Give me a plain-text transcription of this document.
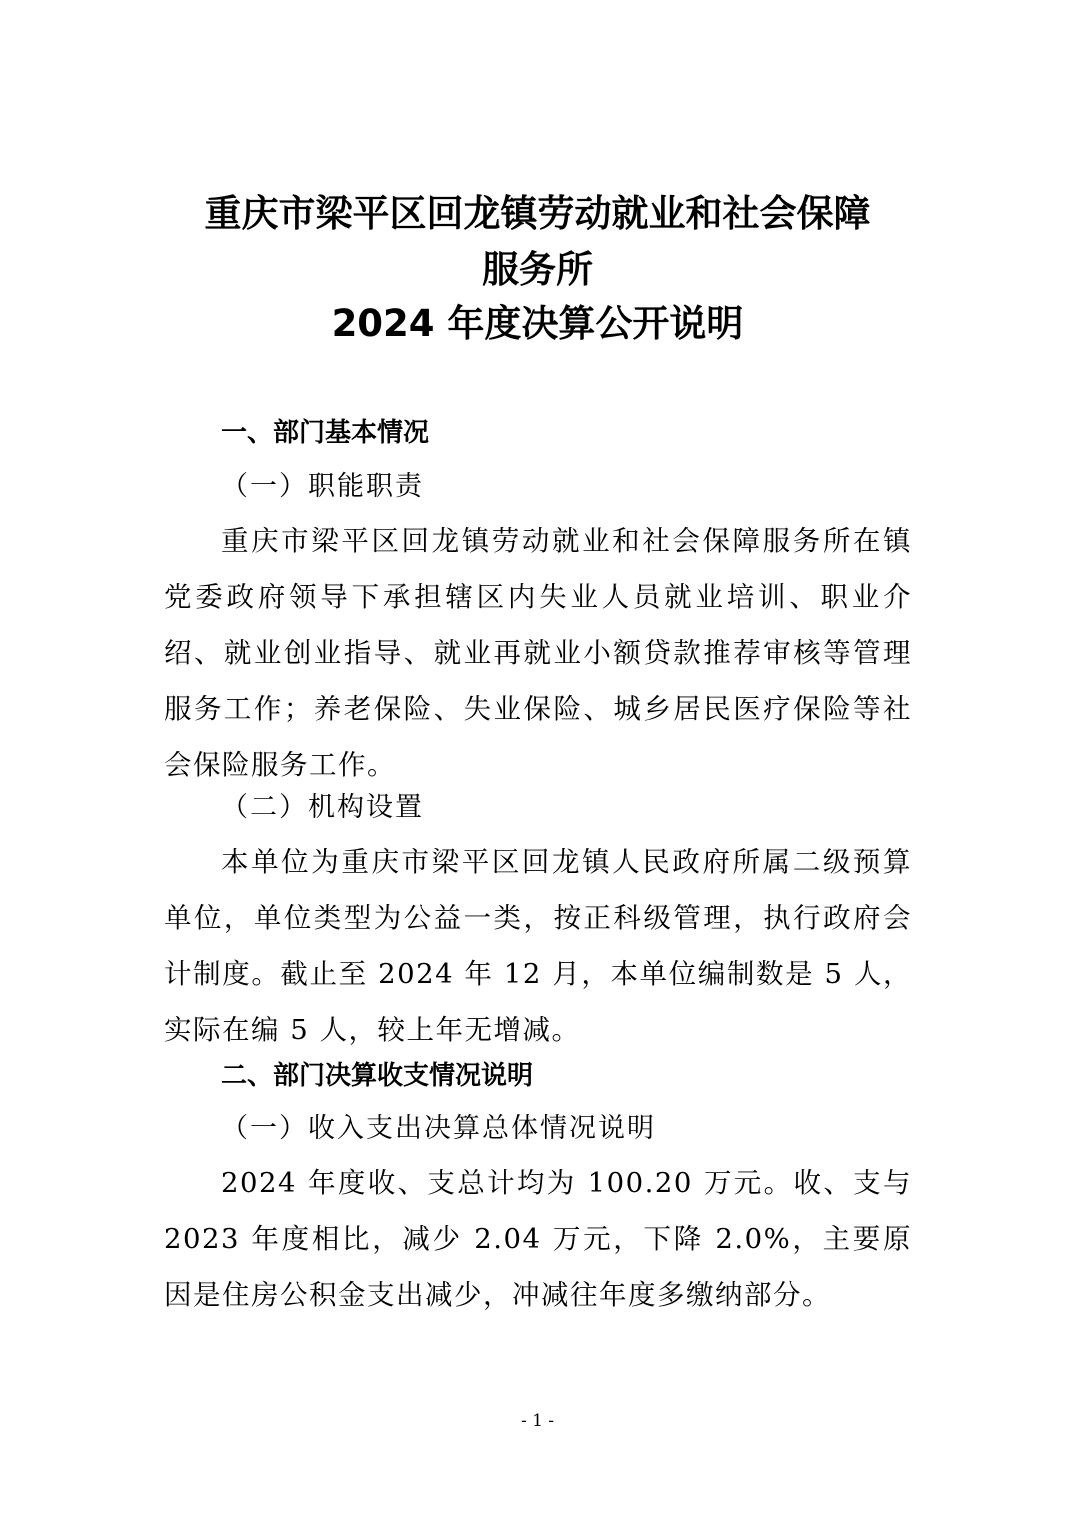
重庆市梁平区回龙镇劳动就业和社会保障
服务所
2024 年度决算公开说明
一、部门基本情况
（一）职能职责
重庆市梁平区回龙镇劳动就业和社会保障服务所在镇党委政府领导下承担辖区内失业人员就业培训、职业介绍、就业创业指导、就业再就业小额贷款推荐审核等管理服务工作；养老保险、失业保险、城乡居民医疗保险等社会保险服务工作。
（二）机构设置
本单位为重庆市梁平区回龙镇人民政府所属二级预算单位，单位类型为公益一类，按正科级管理，执行政府会计制度。截止至 2024 年 12 月，本单位编制数是 5 人，实际在编 5 人，较上年无增减。
二、部门决算收支情况说明
（一）收入支出决算总体情况说明
2024 年度收、支总计均为 100.20 万元。收、支与 2023 年度相比，减少 2.04 万元，下降 2.0%，主要原因是住房公积金支出减少，冲减往年度多缴纳部分。
- 1 -
